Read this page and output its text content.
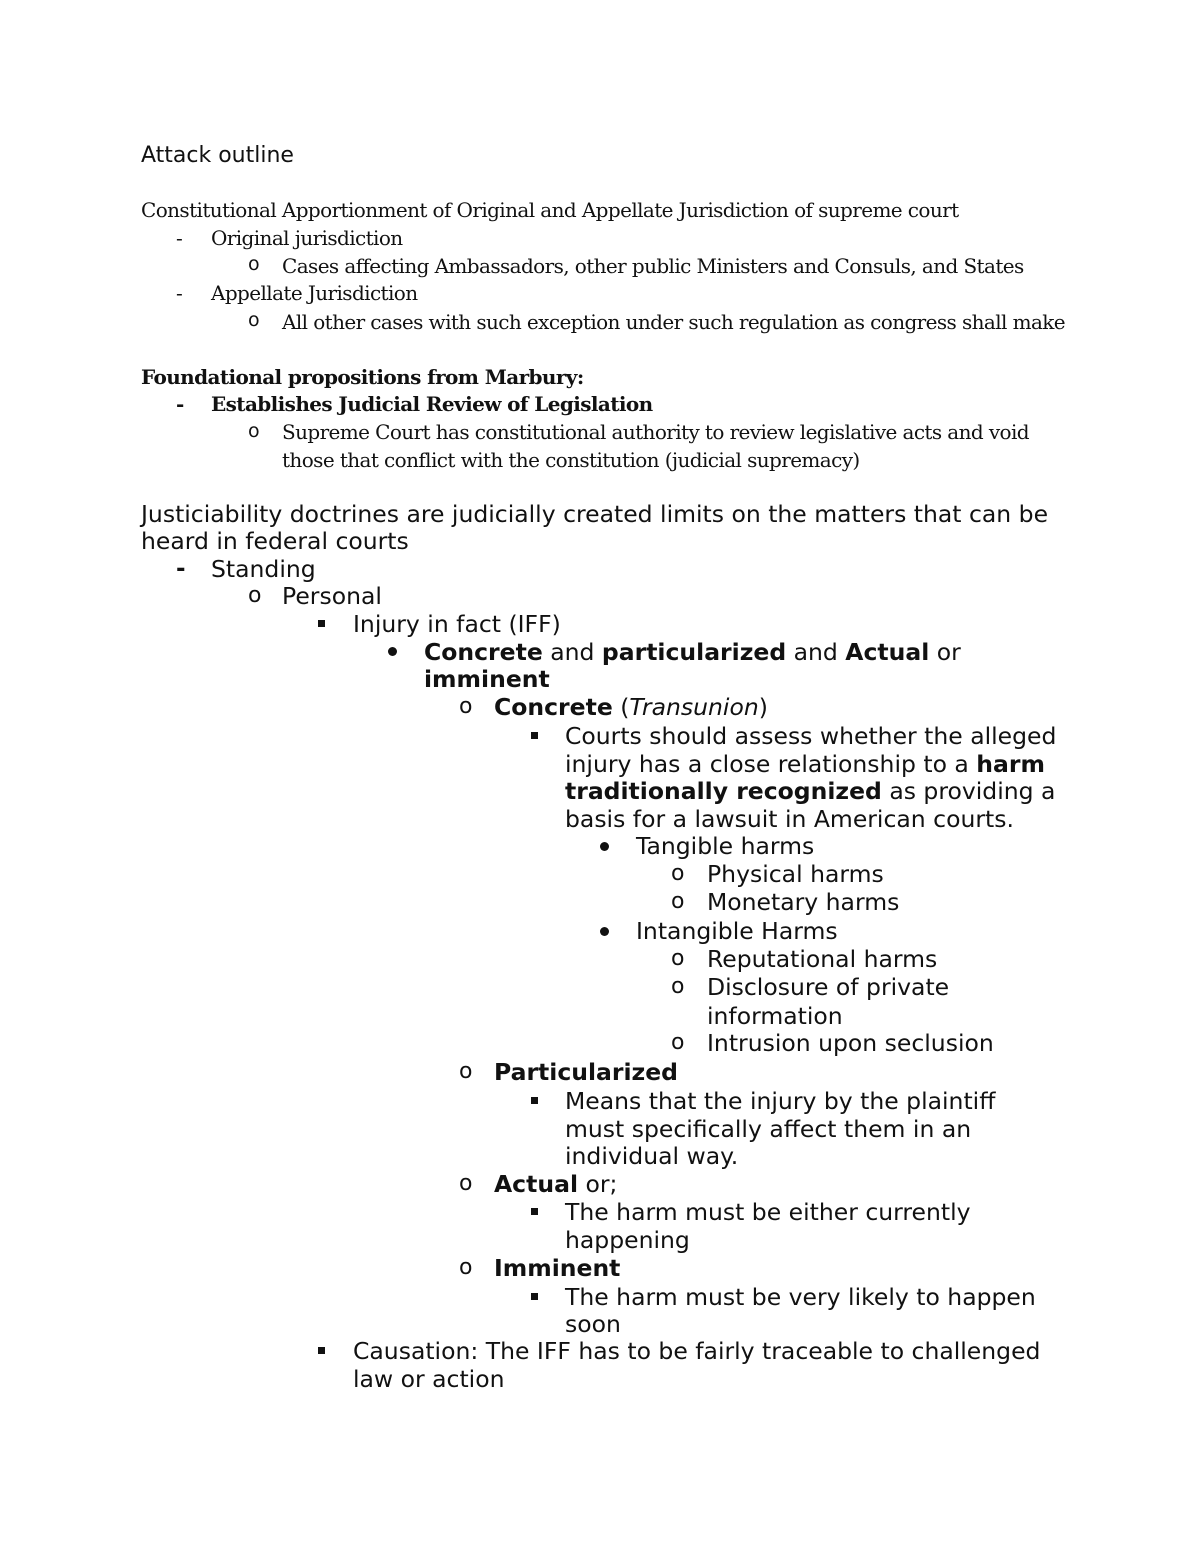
Attack outline
Constitutional Apportionment of Original and Appellate Jurisdiction of supreme court
- Original jurisdiction
o Cases affecting Ambassadors, other public Ministers and Consuls, and States
- Appellate Jurisdiction
o All other cases with such exception under such regulation as congress shall make
Foundational propositions from Marbury:
- Establishes Judicial Review of Legislation
o Supreme Court has constitutional authority to review legislative acts and void
those that conflict with the constitution (judicial supremacy)
Justiciability doctrines are judicially created limits on the matters that can be
heard in federal courts
- Standing
o Personal
Injury in fact (IFF)
Concrete and particularized and Actual or
imminent
o Concrete (Transunion)
Courts should assess whether the alleged
injury has a close relationship to a harm
traditionally recognized as providing a
basis for a lawsuit in American courts.
Tangible harms
o Physical harms
o Monetary harms
Intangible Harms
o Reputational harms
o Disclosure of private
information
o Intrusion upon seclusion
o Particularized
Means that the injury by the plaintiff
must specifically affect them in an
individual way.
o Actual or;
The harm must be either currently
happening
o Imminent
The harm must be very likely to happen
soon
Causation: The IFF has to be fairly traceable to challenged
law or action
